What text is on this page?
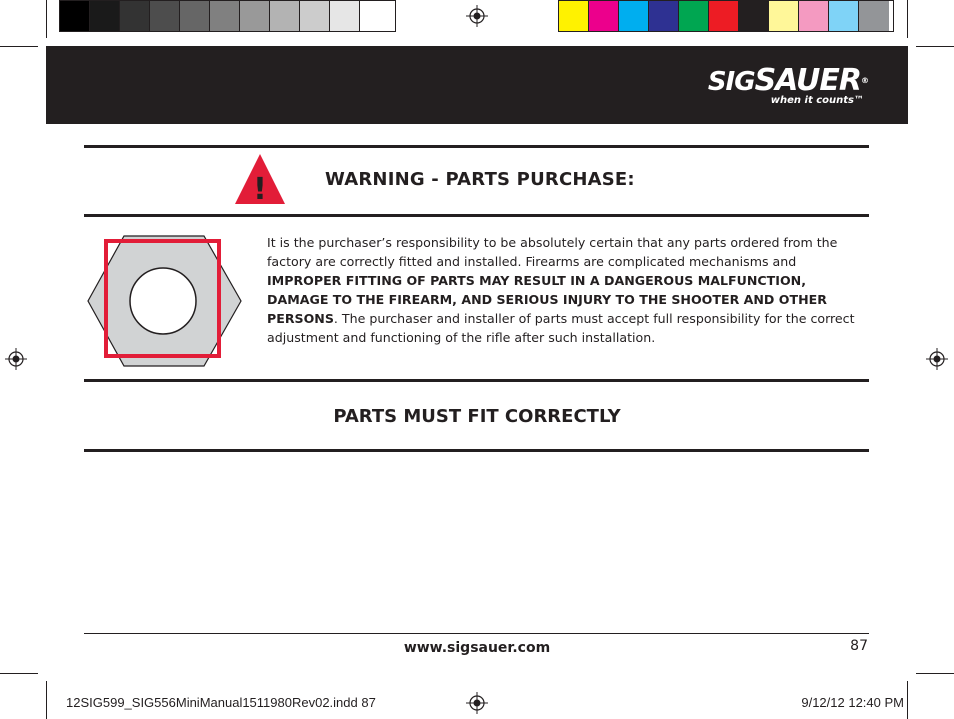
SIGSAUER®
when it counts™
!	WARNING - PARTS PURCHASE:
It is the purchaser’s responsibility to be absolutely certain that any parts ordered from the factory are correctly fitted and installed. Firearms are complicated mechanisms and IMPROPER FITTING OF PARTS MAY RESULT IN A DANGEROUS MALFUNCTION, DAMAGE TO THE FIREARM, AND SERIOUS INJURY TO THE SHOOTER AND OTHER PERSONS. The purchaser and installer of parts must accept full responsibility for the correct adjustment and functioning of the rifle after such installation.
PARTS MUST FIT CORRECTLY
www.sigsauer.com	87
12SIG599_SIG556MiniManual1511980Rev02.indd 87	9/12/12 12:40 PM
